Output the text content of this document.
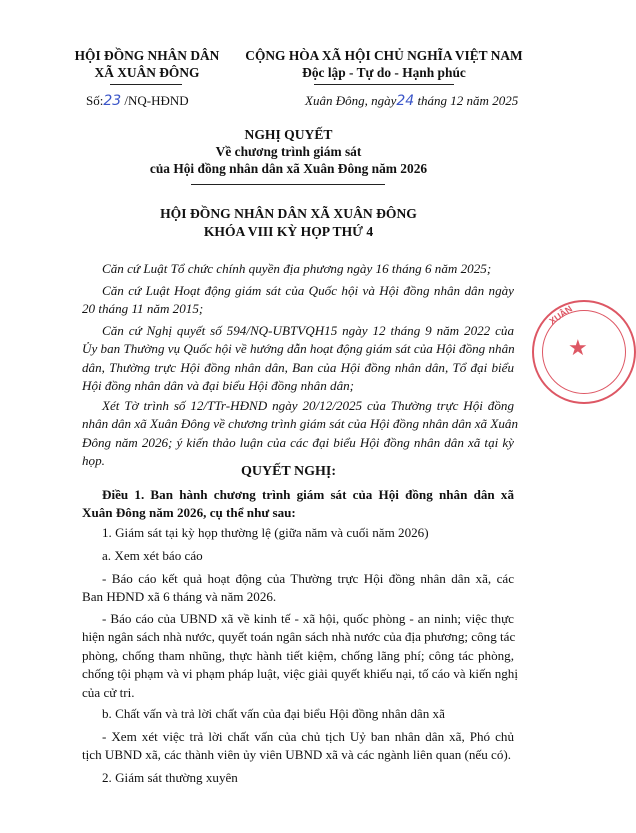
HỘI ĐỒNG NHÂN DÂN
XÃ XUÂN ĐÔNG
CỘNG HÒA XÃ HỘI CHỦ NGHĨA VIỆT NAM
Độc lập - Tự do - Hạnh phúc
Số:23 /NQ-HĐND	Xuân Đông, ngày24 tháng 12 năm 2025
NGHỊ QUYẾT
Về chương trình giám sát
của Hội đồng nhân dân xã Xuân Đông năm 2026
HỘI ĐỒNG NHÂN DÂN XÃ XUÂN ĐÔNG
KHÓA VIII KỲ HỌP THỨ 4
Căn cứ Luật Tổ chức chính quyền địa phương ngày 16 tháng 6 năm 2025;
Căn cứ Luật Hoạt động giám sát của Quốc hội và Hội đồng nhân dân ngày
20 tháng 11 năm 2015;
Căn cứ Nghị quyết số 594/NQ-UBTVQH15 ngày 12 tháng 9 năm 2022 của
Ủy ban Thường vụ Quốc hội về hướng dẫn hoạt động giám sát của Hội đồng nhân
dân, Thường trực Hội đồng nhân dân, Ban của Hội đồng nhân dân, Tổ đại biểu
Hội đồng nhân dân và đại biểu Hội đồng nhân dân;
Xét Tờ trình số 12/TTr-HĐND ngày 20/12/2025 của Thường trực Hội đồng
nhân dân xã Xuân Đông về chương trình giám sát của Hội đồng nhân dân xã Xuân
Đông năm 2026; ý kiến thảo luận của các đại biểu Hội đồng nhân dân xã tại kỳ
họp.
QUYẾT NGHỊ:
Điều 1. Ban hành chương trình giám sát của Hội đồng nhân dân xã
Xuân Đông năm 2026, cụ thể như sau:
1. Giám sát tại kỳ họp thường lệ (giữa năm và cuối năm 2026)
a. Xem xét báo cáo
- Báo cáo kết quả hoạt động của Thường trực Hội đồng nhân dân xã, các
Ban HĐND xã 6 tháng và năm 2026.
- Báo cáo của UBND xã về kinh tế - xã hội, quốc phòng - an ninh; việc thực
hiện ngân sách nhà nước, quyết toán ngân sách nhà nước của địa phương; công tác
phòng, chống tham nhũng, thực hành tiết kiệm, chống lãng phí; công tác phòng,
chống tội phạm và vi phạm pháp luật, việc giải quyết khiếu nại, tố cáo và kiến nghị
của cử tri.
b. Chất vấn và trả lời chất vấn của đại biểu Hội đồng nhân dân xã
- Xem xét việc trả lời chất vấn của chủ tịch Uỷ ban nhân dân xã, Phó chủ
tịch UBND xã, các thành viên ủy viên UBND xã và các ngành liên quan (nếu có).
2. Giám sát thường xuyên
XUÂN
★
